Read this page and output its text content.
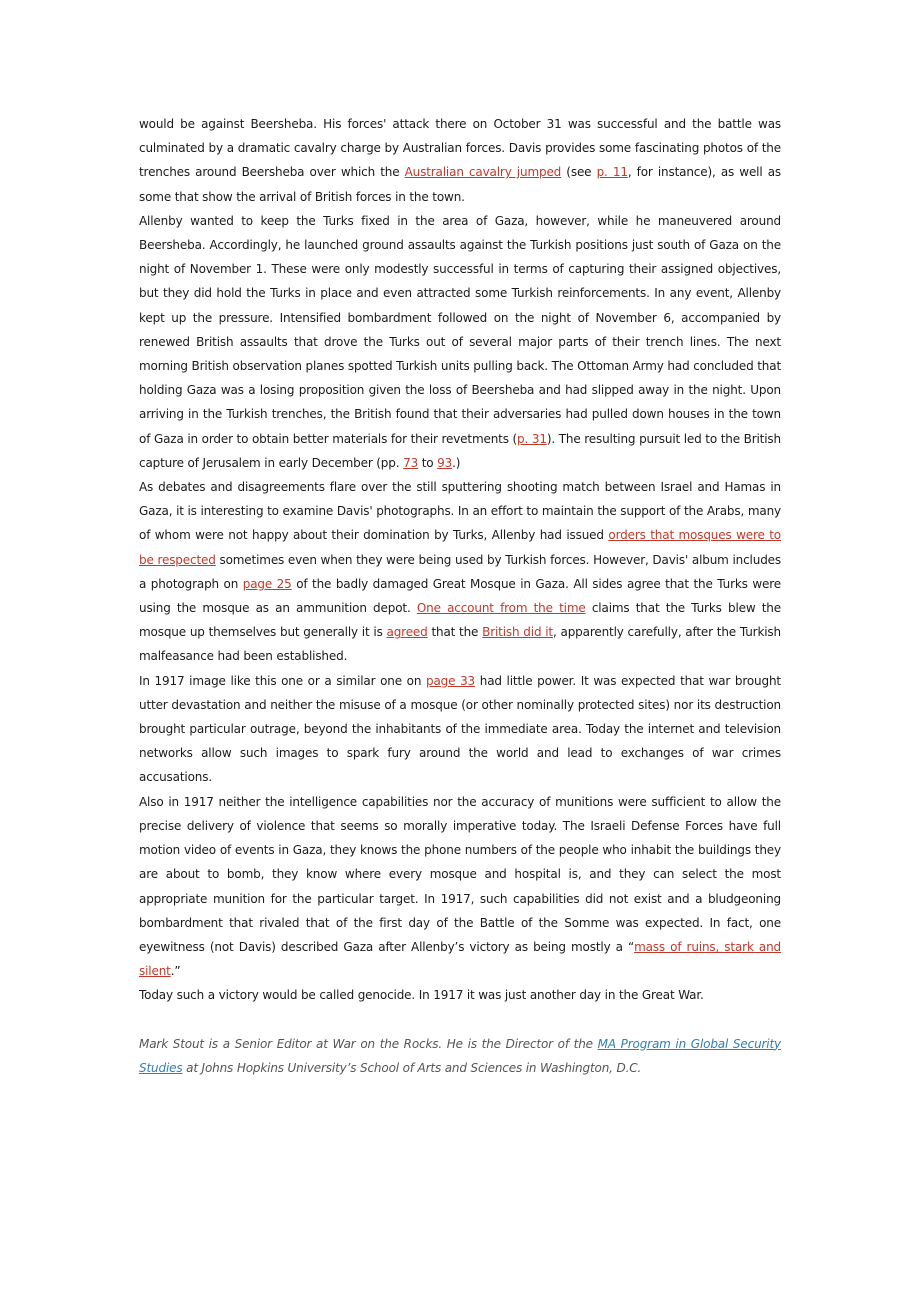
would be against Beersheba. His forces' attack there on October 31 was successful and the battle was culminated by a dramatic cavalry charge by Australian forces. Davis provides some fascinating photos of the trenches around Beersheba over which the Australian cavalry jumped (see p. 11, for instance), as well as some that show the arrival of British forces in the town.

Allenby wanted to keep the Turks fixed in the area of Gaza, however, while he maneuvered around Beersheba. Accordingly, he launched ground assaults against the Turkish positions just south of Gaza on the night of November 1. These were only modestly successful in terms of capturing their assigned objectives, but they did hold the Turks in place and even attracted some Turkish reinforcements. In any event, Allenby kept up the pressure. Intensified bombardment followed on the night of November 6, accompanied by renewed British assaults that drove the Turks out of several major parts of their trench lines. The next morning British observation planes spotted Turkish units pulling back. The Ottoman Army had concluded that holding Gaza was a losing proposition given the loss of Beersheba and had slipped away in the night. Upon arriving in the Turkish trenches, the British found that their adversaries had pulled down houses in the town of Gaza in order to obtain better materials for their revetments (p. 31). The resulting pursuit led to the British capture of Jerusalem in early December (pp. 73 to 93.)

As debates and disagreements flare over the still sputtering shooting match between Israel and Hamas in Gaza, it is interesting to examine Davis' photographs. In an effort to maintain the support of the Arabs, many of whom were not happy about their domination by Turks, Allenby had issued orders that mosques were to be respected sometimes even when they were being used by Turkish forces. However, Davis' album includes a photograph on page 25 of the badly damaged Great Mosque in Gaza. All sides agree that the Turks were using the mosque as an ammunition depot. One account from the time claims that the Turks blew the mosque up themselves but generally it is agreed that the British did it, apparently carefully, after the Turkish malfeasance had been established.

In 1917 image like this one or a similar one on page 33 had little power. It was expected that war brought utter devastation and neither the misuse of a mosque (or other nominally protected sites) nor its destruction brought particular outrage, beyond the inhabitants of the immediate area. Today the internet and television networks allow such images to spark fury around the world and lead to exchanges of war crimes accusations.

Also in 1917 neither the intelligence capabilities nor the accuracy of munitions were sufficient to allow the precise delivery of violence that seems so morally imperative today. The Israeli Defense Forces have full motion video of events in Gaza, they knows the phone numbers of the people who inhabit the buildings they are about to bomb, they know where every mosque and hospital is, and they can select the most appropriate munition for the particular target. In 1917, such capabilities did not exist and a bludgeoning bombardment that rivaled that of the first day of the Battle of the Somme was expected. In fact, one eyewitness (not Davis) described Gaza after Allenby’s victory as being mostly a “mass of ruins, stark and silent.”

Today such a victory would be called genocide. In 1917 it was just another day in the Great War.

Mark Stout is a Senior Editor at War on the Rocks. He is the Director of the MA Program in Global Security Studies at Johns Hopkins University’s School of Arts and Sciences in Washington, D.C.
